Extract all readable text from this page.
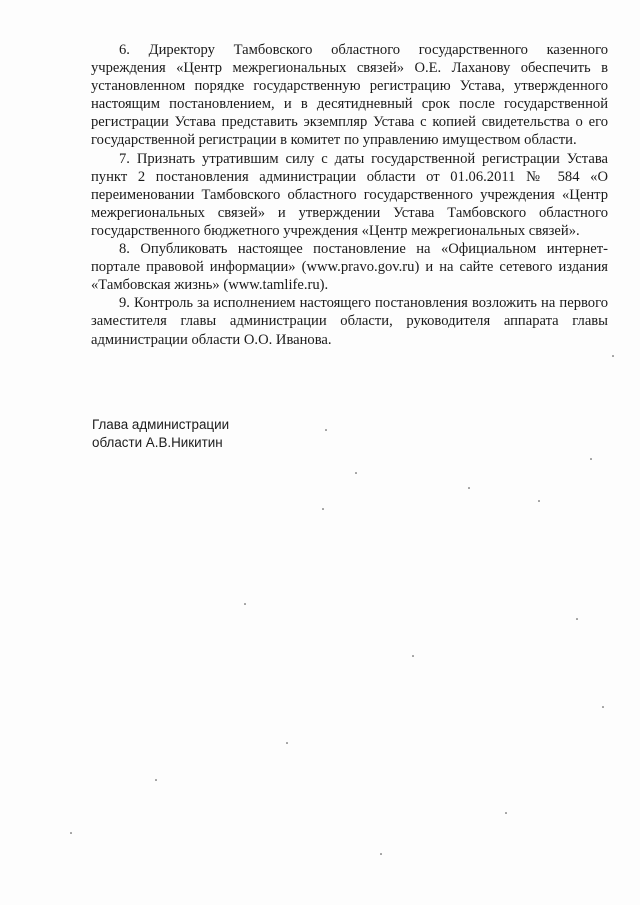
6. Директору Тамбовского областного государственного казенного учреждения «Центр межрегиональных связей» О.Е. Лаханову обеспечить в установленном порядке государственную регистрацию Устава, утвержденного настоящим постановлением, и в десятидневный срок после государственной регистрации Устава представить экземпляр Устава с копией свидетельства о его государственной регистрации в комитет по управлению имуществом области.

7. Признать утратившим силу с даты государственной регистрации Устава пункт 2 постановления администрации области от 01.06.2011 № 584 «О переименовании Тамбовского областного государственного учреждения «Центр межрегиональных связей» и утверждении Устава Тамбовского областного государственного бюджетного учреждения «Центр межрегиональных связей».

8. Опубликовать настоящее постановление на «Официальном интернет-портале правовой информации» (www.pravo.gov.ru) и на сайте сетевого издания «Тамбовская жизнь» (www.tamlife.ru).

9. Контроль за исполнением настоящего постановления возложить на первого заместителя главы администрации области, руководителя аппарата главы администрации области О.О. Иванова.

Глава администрации
области А.В.Никитин
